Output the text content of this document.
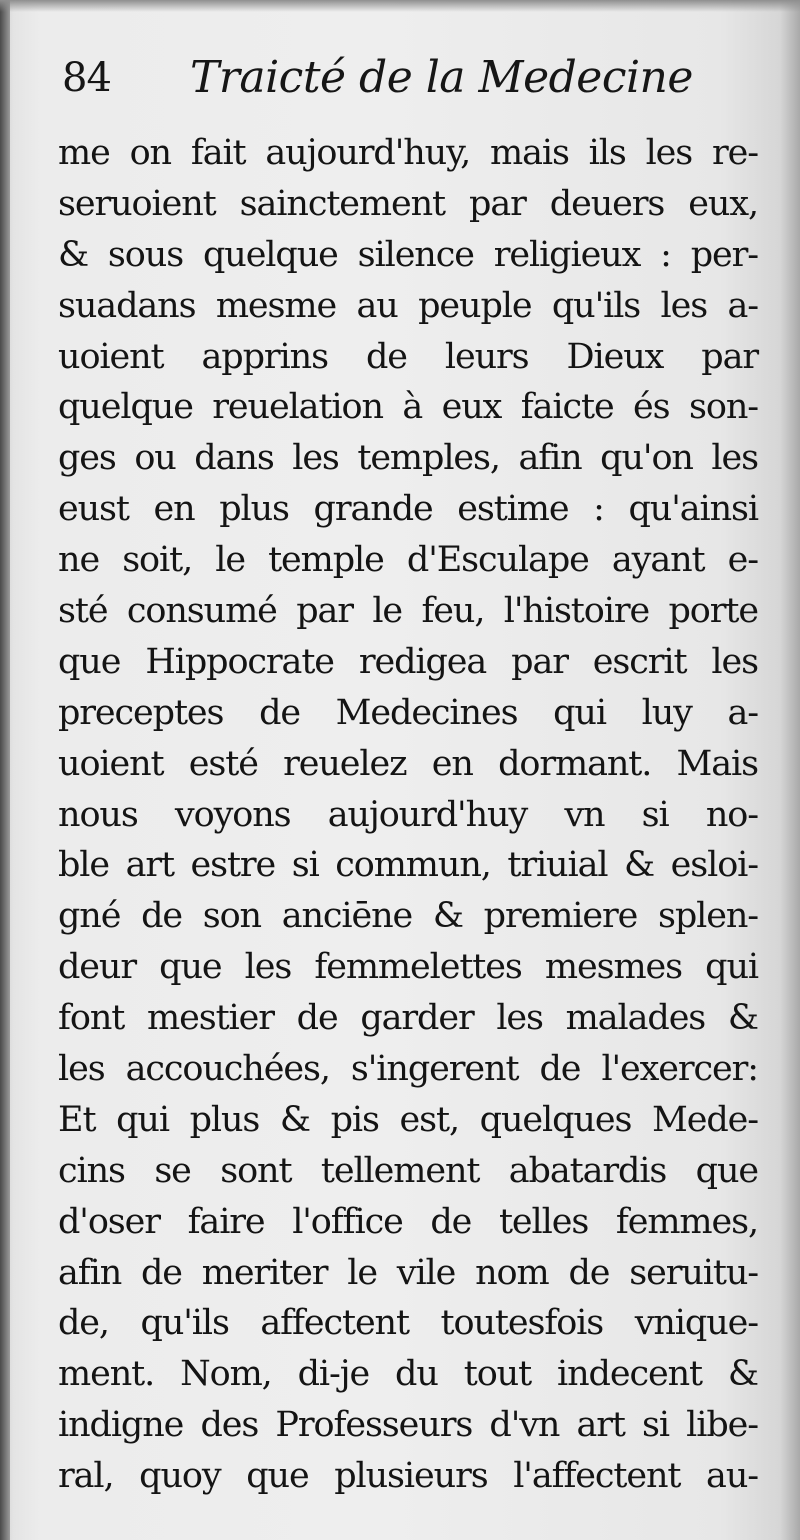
84 Traicté de la Medecine
me on fait aujourd'huy, mais ils les re-
seruoient sainctement par deuers eux,
& sous quelque silence religieux : per-
suadans mesme au peuple qu'ils les a-
uoient apprins de leurs Dieux par
quelque reuelation à eux faicte és son-
ges ou dans les temples, afin qu'on les
eust en plus grande estime : qu'ainsi
ne soit, le temple d'Esculape ayant e-
sté consumé par le feu, l'histoire porte
que Hippocrate redigea par escrit les
preceptes de Medecines qui luy a-
uoient esté reuelez en dormant. Mais
nous voyons aujourd'huy vn si no-
ble art estre si commun, triuial & esloi-
gné de son anciēne & premiere splen-
deur que les femmelettes mesmes qui
font mestier de garder les malades &
les accouchées, s'ingerent de l'exercer:
Et qui plus & pis est, quelques Mede-
cins se sont tellement abatardis que
d'oser faire l'office de telles femmes,
afin de meriter le vile nom de seruitu-
de, qu'ils affectent toutesfois vnique-
ment. Nom, di-je du tout indecent &
indigne des Professeurs d'vn art si libe-
ral, quoy que plusieurs l'affectent au-
